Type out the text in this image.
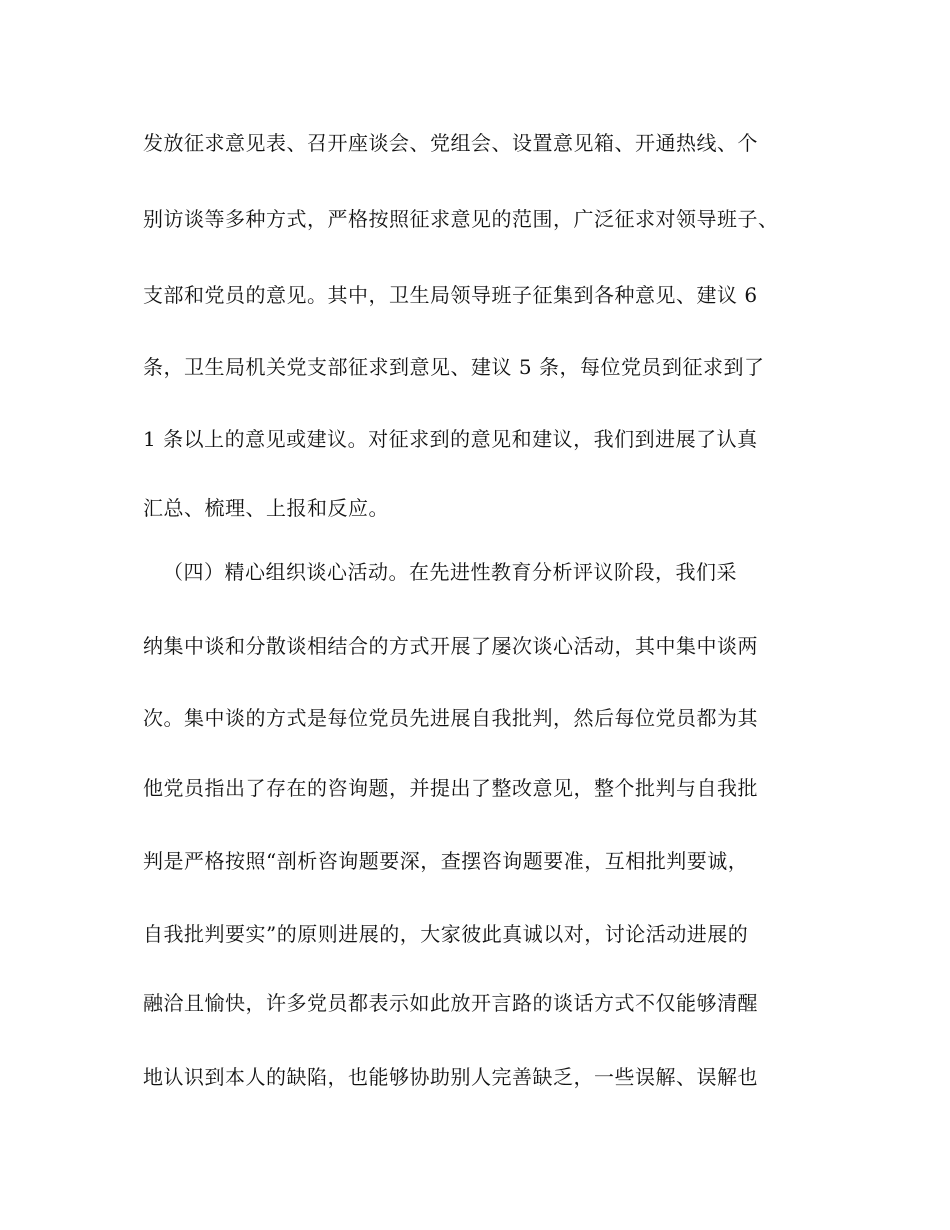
发放征求意见表、召开座谈会、党组会、设置意见箱、开通热线、个
别访谈等多种方式，严格按照征求意见的范围，广泛征求对领导班子、
支部和党员的意见。其中，卫生局领导班子征集到各种意见、建议 6
条，卫生局机关党支部征求到意见、建议 5 条，每位党员到征求到了
1 条以上的意见或建议。对征求到的意见和建议，我们到进展了认真
汇总、梳理、上报和反应。
（四）精心组织谈心活动。在先进性教育分析评议阶段，我们采
纳集中谈和分散谈相结合的方式开展了屡次谈心活动，其中集中谈两
次。集中谈的方式是每位党员先进展自我批判，然后每位党员都为其
他党员指出了存在的咨询题，并提出了整改意见，整个批判与自我批
判是严格按照“剖析咨询题要深，查摆咨询题要准，互相批判要诚，
自我批判要实”的原则进展的，大家彼此真诚以对，讨论活动进展的
融洽且愉快，许多党员都表示如此放开言路的谈话方式不仅能够清醒
地认识到本人的缺陷，也能够协助别人完善缺乏，一些误解、误解也
